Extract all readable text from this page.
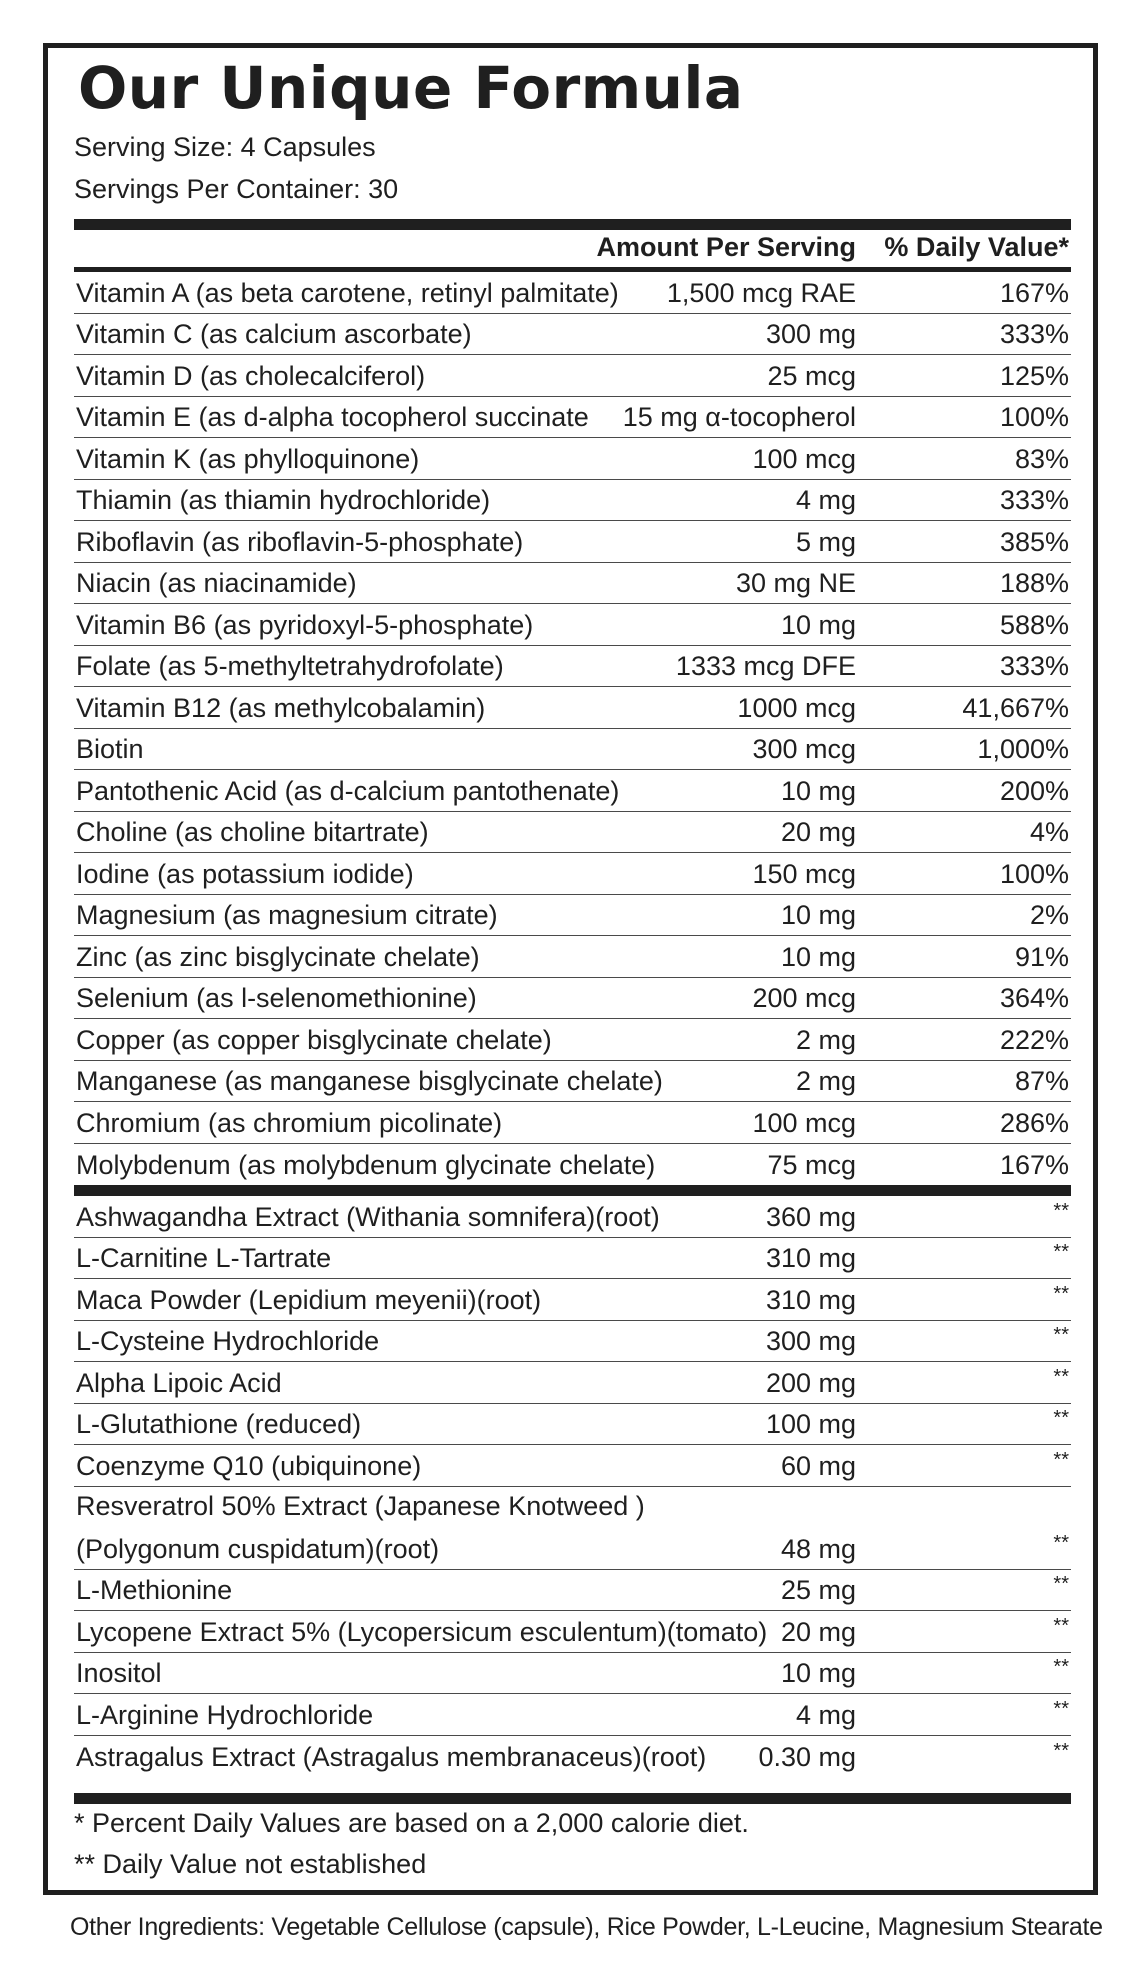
Our Unique Formula
Serving Size: 4 Capsules
Servings Per Container: 30
Amount Per Serving % Daily Value*
Vitamin A (as beta carotene, retinyl palmitate) 1,500 mcg RAE	167%
Vitamin C (as calcium ascorbate)	300 mg	333%
Vitamin D (as cholecalciferol)	25 mcg	125%
Vitamin E (as d-alpha tocopherol succinate 15 mg α-tocopherol	100%
Vitamin K (as phylloquinone)	100 mcg	83%
Thiamin (as thiamin hydrochloride)	4 mg	333%
Riboflavin (as riboflavin-5-phosphate)	5 mg	385%
Niacin (as niacinamide)	30 mg NE	188%
Vitamin B6 (as pyridoxyl-5-phosphate)	10 mg	588%
Folate (as 5-methyltetrahydrofolate)	1333 mcg DFE	333%
Vitamin B12 (as methylcobalamin)	1000 mcg	41,667%
Biotin	300 mcg	1,000%
Pantothenic Acid (as d-calcium pantothenate)	10 mg	200%
Choline (as choline bitartrate)	20 mg	4%
Iodine (as potassium iodide)	150 mcg	100%
Magnesium (as magnesium citrate)	10 mg	2%
Zinc (as zinc bisglycinate chelate)	10 mg	91%
Selenium (as l-selenomethionine)	200 mcg	364%
Copper (as copper bisglycinate chelate)	2 mg	222%
Manganese (as manganese bisglycinate chelate)	2 mg	87%
Chromium (as chromium picolinate)	100 mcg	286%
Molybdenum (as molybdenum glycinate chelate)	75 mcg	167%
Ashwagandha Extract (Withania somnifera)(root)	360 mg	**
L-Carnitine L-Tartrate	310 mg	**
Maca Powder (Lepidium meyenii)(root)	310 mg	**
L-Cysteine Hydrochloride	300 mg	**
Alpha Lipoic Acid	200 mg	**
L-Glutathione (reduced)	100 mg	**
Coenzyme Q10 (ubiquinone)	60 mg	**
Resveratrol 50% Extract (Japanese Knotweed )
(Polygonum cuspidatum)(root)	48 mg	**
L-Methionine	25 mg	**
Lycopene Extract 5% (Lycopersicum esculentum)(tomato) 20 mg	**
Inositol	10 mg	**
L-Arginine Hydrochloride	4 mg	**
Astragalus Extract (Astragalus membranaceus)(root) 0.30 mg	**
* Percent Daily Values are based on a 2,000 calorie diet.
** Daily Value not established
Other Ingredients: Vegetable Cellulose (capsule), Rice Powder, L-Leucine, Magnesium Stearate
